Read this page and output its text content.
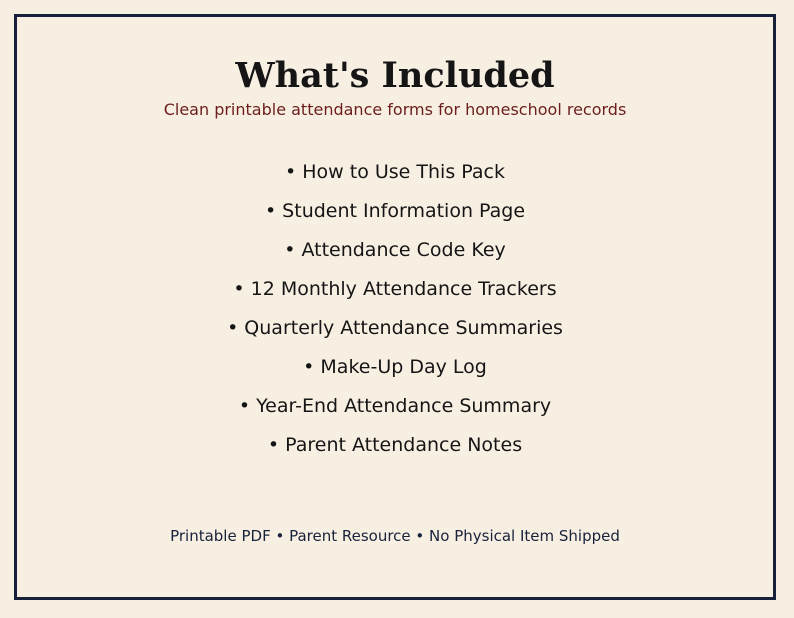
What's Included
Clean printable attendance forms for homeschool records
• How to Use This Pack
• Student Information Page
• Attendance Code Key
• 12 Monthly Attendance Trackers
• Quarterly Attendance Summaries
• Make-Up Day Log
• Year-End Attendance Summary
• Parent Attendance Notes
Printable PDF • Parent Resource • No Physical Item Shipped
